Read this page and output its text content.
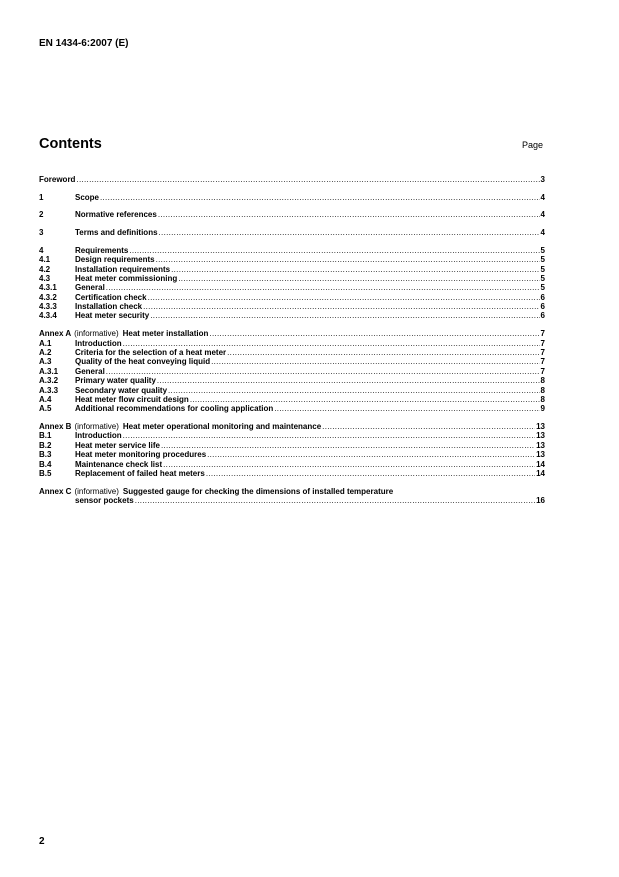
EN 1434-6:2007 (E)
Contents	Page
Foreword .....	3
1	Scope .....	4
2	Normative references .....	4
3	Terms and definitions .....	4
4	Requirements .....	5
4.1	Design requirements .....	5
4.2	Installation requirements .....	5
4.3	Heat meter commissioning .....	5
4.3.1	General .....	5
4.3.2	Certification check .....	6
4.3.3	Installation check .....	6
4.3.4	Heat meter security .....	6
Annex A (informative) Heat meter installation .....	7
A.1	Introduction .....	7
A.2	Criteria for the selection of a heat meter .....	7
A.3	Quality of the heat conveying liquid .....	7
A.3.1	General .....	7
A.3.2	Primary water quality .....	8
A.3.3	Secondary water quality .....	8
A.4	Heat meter flow circuit design .....	8
A.5	Additional recommendations for cooling application .....	9
Annex B (informative) Heat meter operational monitoring and maintenance .....	13
B.1	Introduction .....	13
B.2	Heat meter service life .....	13
B.3	Heat meter monitoring procedures .....	13
B.4	Maintenance check list .....	14
B.5	Replacement of failed heat meters .....	14
Annex C (informative) Suggested gauge for checking the dimensions of installed temperature
sensor pockets .....	16
2
